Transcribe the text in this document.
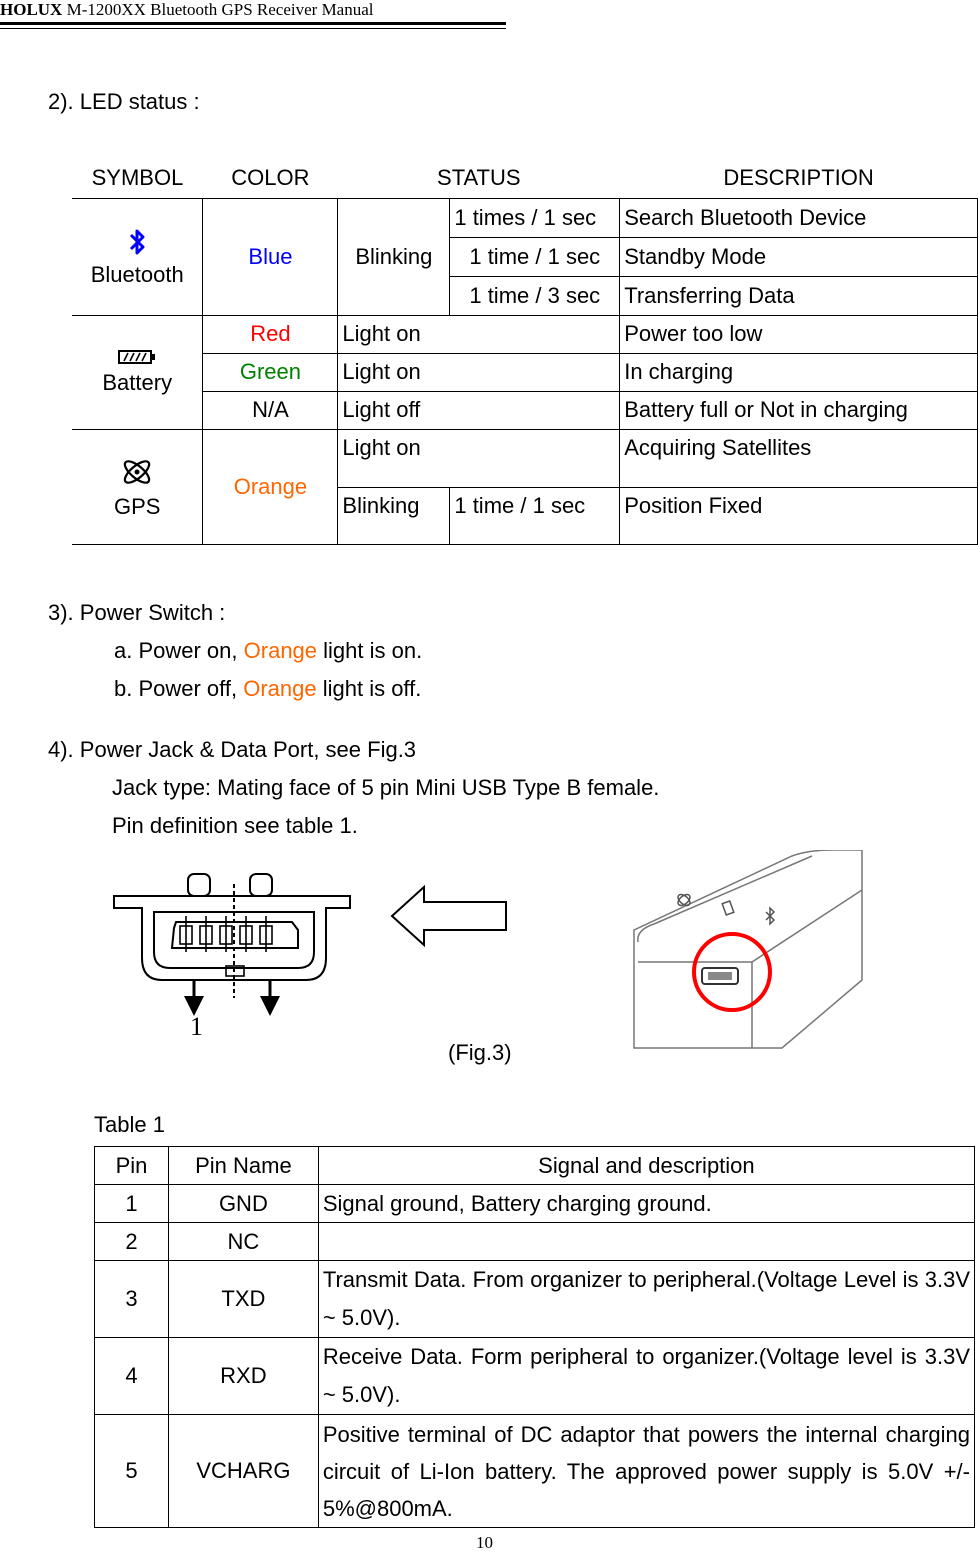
HOLUX M-1200XX Bluetooth GPS Receiver Manual
2). LED status :
SYMBOL	COLOR	STATUS		DESCRIPTION

Bluetooth	Blue	Blinking	1 times / 1 sec	Search Bluetooth Device
			1 time / 1 sec	Standby Mode
			1 time / 3 sec	Transferring Data

Battery	Red	Light on		Power too low
	Green	Light on		In charging
	N/A	Light off		Battery full or Not in charging

GPS	Orange	Light on		Acquiring Satellites
		Blinking	1 time / 1 sec	Position Fixed
3). Power Switch :
a. Power on, Orange light is on.
b. Power off, Orange light is off.
4). Power Jack & Data Port, see Fig.3
Jack type: Mating face of 5 pin Mini USB Type B female.
Pin definition see table 1.
1
(Fig.3)
Table 1
Pin	Pin Name	Signal and description
1	GND	Signal ground, Battery charging ground.
2	NC	
3	TXD	Transmit Data. From organizer to peripheral.(Voltage Level is 3.3V ~ 5.0V).
4	RXD	Receive Data. Form peripheral to organizer.(Voltage level is 3.3V ~ 5.0V).
5	VCHARG	Positive terminal of DC adaptor that powers the internal charging circuit of Li-Ion battery. The approved power supply is 5.0V +/- 5%@800mA.
10
